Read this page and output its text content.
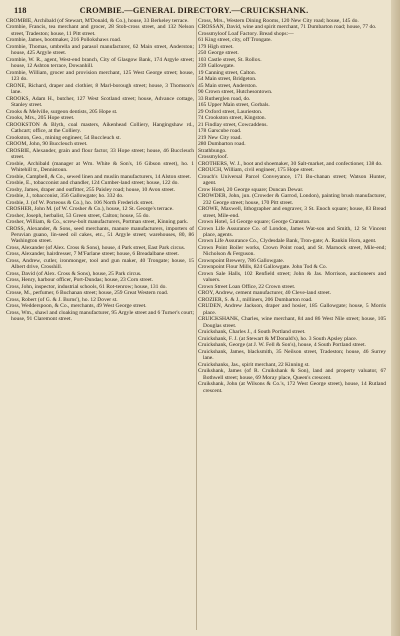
118	CROMBIE.—GENERAL DIRECTORY.—CRUICKSHANK.

CROMBIE, Archibald (of Stewart, M'Donald, & Co.), house, 33 Berkeley terrace.

Crombie, Francis, tea merchant and grocer, 28 Stob-cross street, and 132 Nelson street, Tradeston; house, 11 Pitt street.

Crombie, James, bootmaker, 216 Pollokshaws road.

Crombie, Thomas, umbrella and parasol manufacturer, 62 Main street, Anderston; house, 425 Argyle street.

Crombie, W. R., agent, West-end branch, City of Glasgow Bank, 174 Argyle street; house, 12 Ashton terrace, Dowanhill.

Crombie, William, grocer and provision merchant, 125 West George street; house, 123 do.

CRONE, Richard, draper and clothier, 8 Marl-borough street; house, 3 Thomson's lane.

CROOKS, Adam H., butcher, 127 West Scotland street; house, Advance cottage, Stanley street.

Crooks & Melville, surgeon dentists, 205 Hope st.

Crooks, Mrs., 205 Hope street.

CROOKSTON & Blyth, coal masters, Aikenhead Colliery, Hangingshaw rd., Cathcart; office, at the Colliery.

Crookston, Geo., mining engineer, 54 Buccleuch st.

CROOM, John, 90 Buccleuch street.

CROSBIE, Alexander, grain and flour factor, 33 Hope street; house, 46 Buccleuch street.

Crosbie, Archibald (manager at Wm. White & Son's, 16 Gibson street), ho. 1 Whitehill tr., Dennistoun.

Crosbie, Campbell, & Co., sewed linen and muslin manufacturers, 14 Alston street.

Crosbie, E., tobacconist and chandler, 124 Cumber-land street; house, 122 do.

Crosby, James, draper and outfitter, 255 Paisley road; house, 10 Avon street.

Crosbie, J., tobacconist, 356 Gallowgate; ho. 332 do.

Crosbie, J. (of W. Porteous & Co.), ho. 106 North Frederick street.

CROSHER, John M. (of W. Crosher & Co.), house, 12 St. George's terrace.

Crosher, Joseph, herbalist, 53 Green street, Calton; house, 55 do.

Crosher, William, & Co., screw-bolt manufacturers, Portman street, Kinning park.

CROSS, Alexander, & Sons, seed merchants, manure manufacturers, importers of Peruvian guano, lin-seed oil cakes, etc., 51 Argyle street; warehouses, 80, 86 Washington street.

Cross, Alexander (of Alex. Cross & Sons), house, 4 Park street, East Park circus.

Cross, Alexander, hairdresser, 7 M'Farlane street; house, 6 Breadalbane street.

Cross, Andrew, cutler, ironmonger, tool and gun maker, 40 Trongate; house, 15 Albert drive, Crosshill.

Cross, David (of Alex. Cross & Sons), house, 25 Park circus.

Cross, Henry, harbour officer, Port-Dundas; house, 23 Corn street.

Cross, John, inspector, industrial schools, 61 Rot-tenrow; house, 131 do.

Crosse, M., perfumer, 6 Buchanan street; house, 259 Great Western road.

Cross, Robert (of G. & J. Burns'), ho. 12 Dover st.

Cross, Wedderspoon, & Co., merchants, 49 West George street.

Cross, Wm., shawl and cloaking manufacturer, 95 Argyle street and 6 Turner's court; house, 91 Claremont street.

Cross, Mrs., Western Dining Rooms, 120 New City road; house, 145 do.

CROSSAN, David, wine and spirit merchant, 71 Dumbarton road; house, 77 do.

Crossmyloof Loaf Factory. Bread shops:—

61 King street, city, off Trongate.

179 High street.

250 George street.

103 Castle street, St. Rollox.

239 Gallowgate.

19 Canning street, Calton.

54 Main street, Bridgeton.

45 Main street, Anderston.

90 Crown street, Hutchesontown.

33 Rutherglen road, do.

165 Upper Main street, Gorbals.

29 Oxford street, Laurieston.

74 Crookston street, Kingston.

21 Findlay street, Cowcaddens.

178 Garscube road.

219 New City road.

280 Dumbarton road.

Strathbungo.

Crossmyloof.

CROTHERS, W. J., boot and shoemaker, 30 Salt-market, and confectioner, 138 do.

CROUCH, William, civil engineer, 175 Hope street.

Crouch's Universal Parcel Conveyance, 171 Bu-chanan street; Watson Hunter, agent.

Crow Hotel, 20 George square; Duncan Dewar.

CROWDER, John, jun. (Crowder & Garrod, London), painting brush manufacturer, 232 George street; house, 170 Pitt street.

CROWE, Maxwell, lithographer and engraver, 3 St. Enoch square; house, 83 Bread street, Mile-end.

Crown Hotel, 54 George square; George Cranston.

Crown Life Assurance Co. of London, James Wat-son and Smith, 12 St Vincent place, agents.

Crown Life Assurance Co., Clydesdale Bank, Tron-gate; A. Rankin Horn, agent.

Crown Point Boiler works, Crown Point road, and St. Marnock street, Mile-end; Nicholson & Ferguson.

Crownpoint Brewery, 786 Gallowgate.

Crownpoint Flour Mills, 824 Gallowgate. John Tod & Co.

Crown Sale Halls, 102 Renfield street; John & Jas. Morrison, auctioneers and valuers.

Crown Street Loan Office, 22 Crown street.

CROY, Andrew, cement manufacturer, 40 Cleve-land street.

CROZIER, S. & J., milliners, 206 Dumbarton road.

CRUDEN, Andrew Jackson, draper and hosier, 185 Gallowgate; house, 5 Morris place.

CRUICKSHANK, Charles, wine merchant, 84 and 86 West Nile street; house, 105 Douglas street.

Cruickshank, Charles J., 4 South Portland street.

Cruickshank, F. J. (at Stewart & M'Donald's), ho. 3 South Apsley place.

Cruickshank, George (at J. W. Fell & Son's), house, 4 South Portland street.

Cruickshank, James, blacksmith, 35 Neilson street, Tradeston; house, 46 Surrey lane.

Cruickshanks, Jas., spirit merchant, 22 Kinning st.

Cruikshank, James (of R. Cruikshank & Son), land and property valuator, 67 Bothwell street; house, 69 Moray place, Queen's crescent.

Cruikshank, John (at Wilsons & Co.'s, 172 West George street), house, 14 Rutland crescent.
